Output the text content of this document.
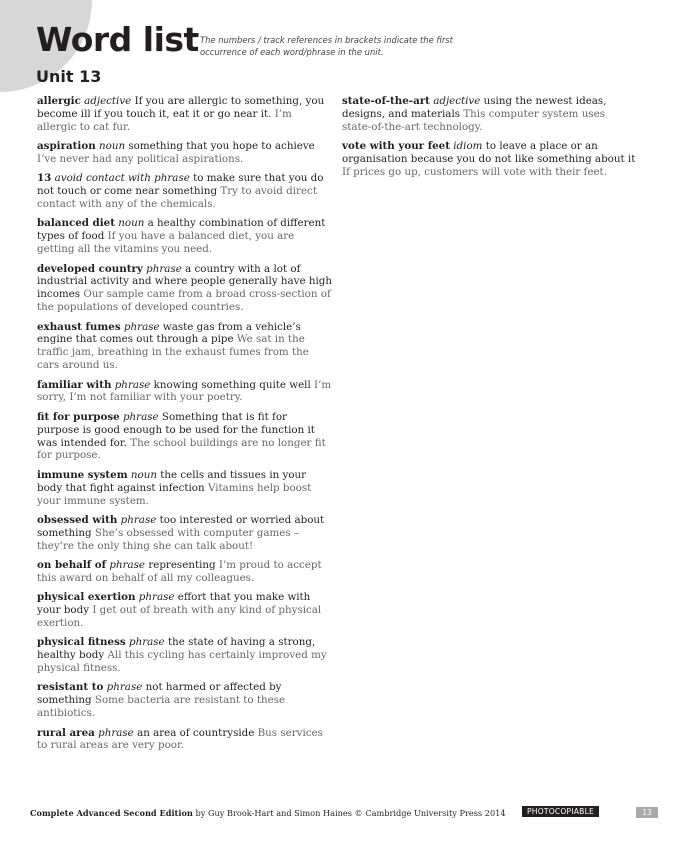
Word list The numbers / track references in brackets indicate the first occurrence of each word/phrase in the unit.
Unit 13

allergic adjective If you are allergic to something, you become ill if you touch it, eat it or go near it. I’m allergic to cat fur.

aspiration noun something that you hope to achieve I’ve never had any political aspirations.

13 avoid contact with phrase to make sure that you do not touch or come near something Try to avoid direct contact with any of the chemicals.

balanced diet noun a healthy combination of different types of food If you have a balanced diet, you are getting all the vitamins you need.

developed country phrase a country with a lot of industrial activity and where people generally have high incomes Our sample came from a broad cross-section of the populations of developed countries.

exhaust fumes phrase waste gas from a vehicle’s engine that comes out through a pipe We sat in the traffic jam, breathing in the exhaust fumes from the cars around us.

familiar with phrase knowing something quite well I’m sorry, I’m not familiar with your poetry.

fit for purpose phrase Something that is fit for purpose is good enough to be used for the function it was intended for. The school buildings are no longer fit for purpose.

immune system noun the cells and tissues in your body that fight against infection Vitamins help boost your immune system.

obsessed with phrase too interested or worried about something She’s obsessed with computer games – they’re the only thing she can talk about!

on behalf of phrase representing I’m proud to accept this award on behalf of all my colleagues.

physical exertion phrase effort that you make with your body I get out of breath with any kind of physical exertion.

physical fitness phrase the state of having a strong, healthy body All this cycling has certainly improved my physical fitness.

resistant to phrase not harmed or affected by something Some bacteria are resistant to these antibiotics.

rural area phrase an area of countryside Bus services to rural areas are very poor.

state-of-the-art adjective using the newest ideas, designs, and materials This computer system uses state-of-the-art technology.

vote with your feet idiom to leave a place or an organisation because you do not like something about it If prices go up, customers will vote with their feet.

Complete Advanced Second Edition by Guy Brook-Hart and Simon Haines © Cambridge University Press 2014	PHOTOCOPIABLE	13
